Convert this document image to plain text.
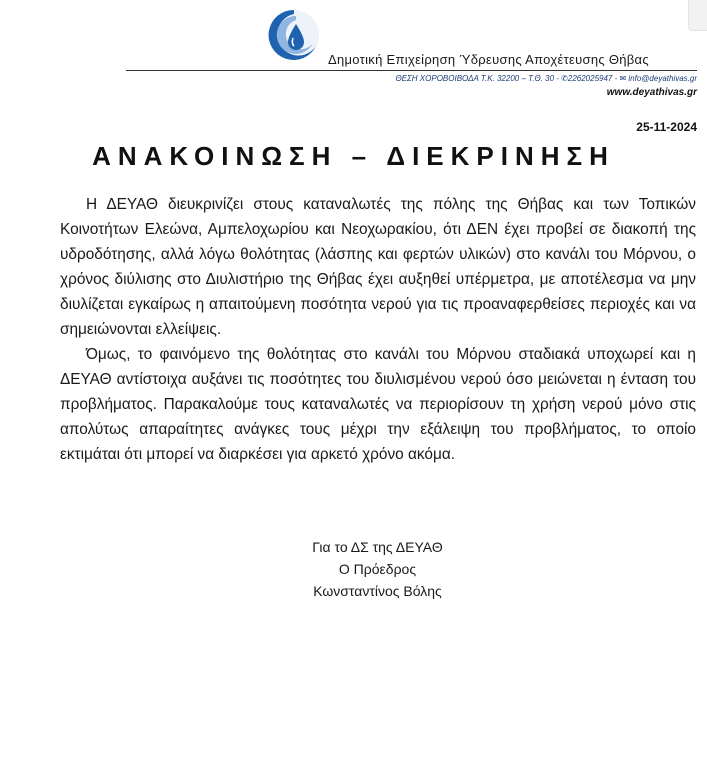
Δημοτική Επιχείρηση Ύδρευσης Αποχέτευσης Θήβας
ΘΕΣΗ ΧΟΡΟΒΟΙΒΟΔΑ Τ.Κ. 32200 – Τ.Θ. 30 - ✆2262025947 - ✉ info@deyathivas.gr
www.deyathivas.gr
25-11-2024
ΑΝΑΚΟΙΝΩΣΗ – ΔΙΕΚΡΙΝΗΣΗ

Η ΔΕΥΑΘ διευκρινίζει στους καταναλωτές της πόλης της Θήβας και των Τοπικών Κοινοτήτων Ελεώνα, Αμπελοχωρίου και Νεοχωρακίου, ότι ΔΕΝ έχει προβεί σε διακοπή της υδροδότησης, αλλά λόγω θολότητας (λάσπης και φερτών υλικών) στο κανάλι του Μόρνου, ο χρόνος διύλισης στο Διυλιστήριο της Θήβας έχει αυξηθεί υπέρμετρα, με αποτέλεσμα να μην διυλίζεται εγκαίρως η απαιτούμενη ποσότητα νερού για τις προαναφερθείσες περιοχές και να σημειώνονται ελλείψεις.

Όμως, το φαινόμενο της θολότητας στο κανάλι του Μόρνου σταδιακά υποχωρεί και η ΔΕΥΑΘ αντίστοιχα αυξάνει τις ποσότητες του διυλισμένου νερού όσο μειώνεται η ένταση του προβλήματος. Παρακαλούμε τους καταναλωτές να περιορίσουν τη χρήση νερού μόνο στις απολύτως απαραίτητες ανάγκες τους μέχρι την εξάλειψη του προβλήματος, το οποίο εκτιμάται ότι μπορεί να διαρκέσει για αρκετό χρόνο ακόμα.

Για το ΔΣ της ΔΕΥΑΘ
Ο Πρόεδρος
Κωνσταντίνος Βόλης
